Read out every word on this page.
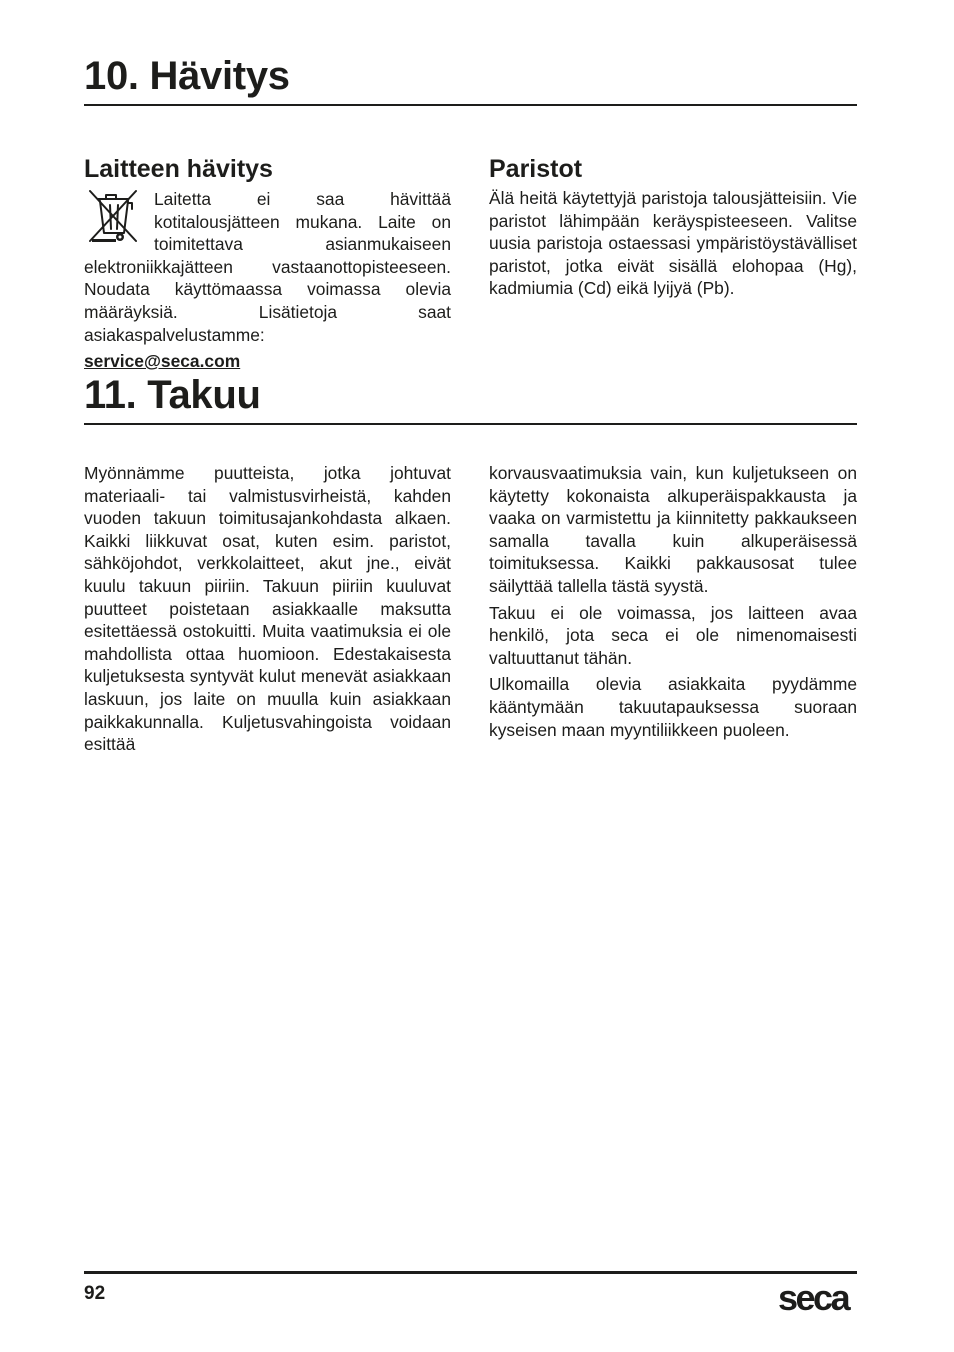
10. Hävitys
Laitteen hävitys

Laitetta ei saa hävittää kotitalousjätteen mukana. Laite on toimitettava asianmukaiseen elektroniikkajätteen vastaanottopisteeseen. Noudata käyttömaassa voimassa olevia määräyksiä. Lisätietoja saat asiakaspalvelustamme:

service@seca.com
Paristot

Älä heitä käytettyjä paristoja talousjätteisiin. Vie paristot lähimpään keräyspisteeseen. Valitse uusia paristoja ostaessasi ympäristöystävälliset paristot, jotka eivät sisällä elohopaa (Hg), kadmiumia (Cd) eikä lyijyä (Pb).

11. Takuu

Myönnämme puutteista, jotka johtuvat materiaali- tai valmistusvirheistä, kahden vuoden takuun toimitusajankohdasta alkaen. Kaikki liikkuvat osat, kuten esim. paristot, sähköjohdot, verkkolaitteet, akut jne., eivät kuulu takuun piiriin. Takuun piiriin kuuluvat puutteet poistetaan asiakkaalle maksutta esitettäessä ostokuitti. Muita vaatimuksia ei ole mahdollista ottaa huomioon. Edestakaisesta kuljetuksesta syntyvät kulut menevät asiakkaan laskuun, jos laite on muulla kuin asiakkaan paikkakunnalla. Kuljetusvahingoista voidaan esittää

korvausvaatimuksia vain, kun kuljetukseen on käytetty kokonaista alkuperäispakkausta ja vaaka on varmistettu ja kiinnitetty pakkaukseen samalla tavalla kuin alkuperäisessä toimituksessa. Kaikki pakkausosat tulee säilyttää tallella tästä syystä.

Takuu ei ole voimassa, jos laitteen avaa henkilö, jota seca ei ole nimenomaisesti valtuuttanut tähän.

Ulkomailla olevia asiakkaita pyydämme kääntymään takuutapauksessa suoraan kyseisen maan myyntiliikkeen puoleen.

92	seca
